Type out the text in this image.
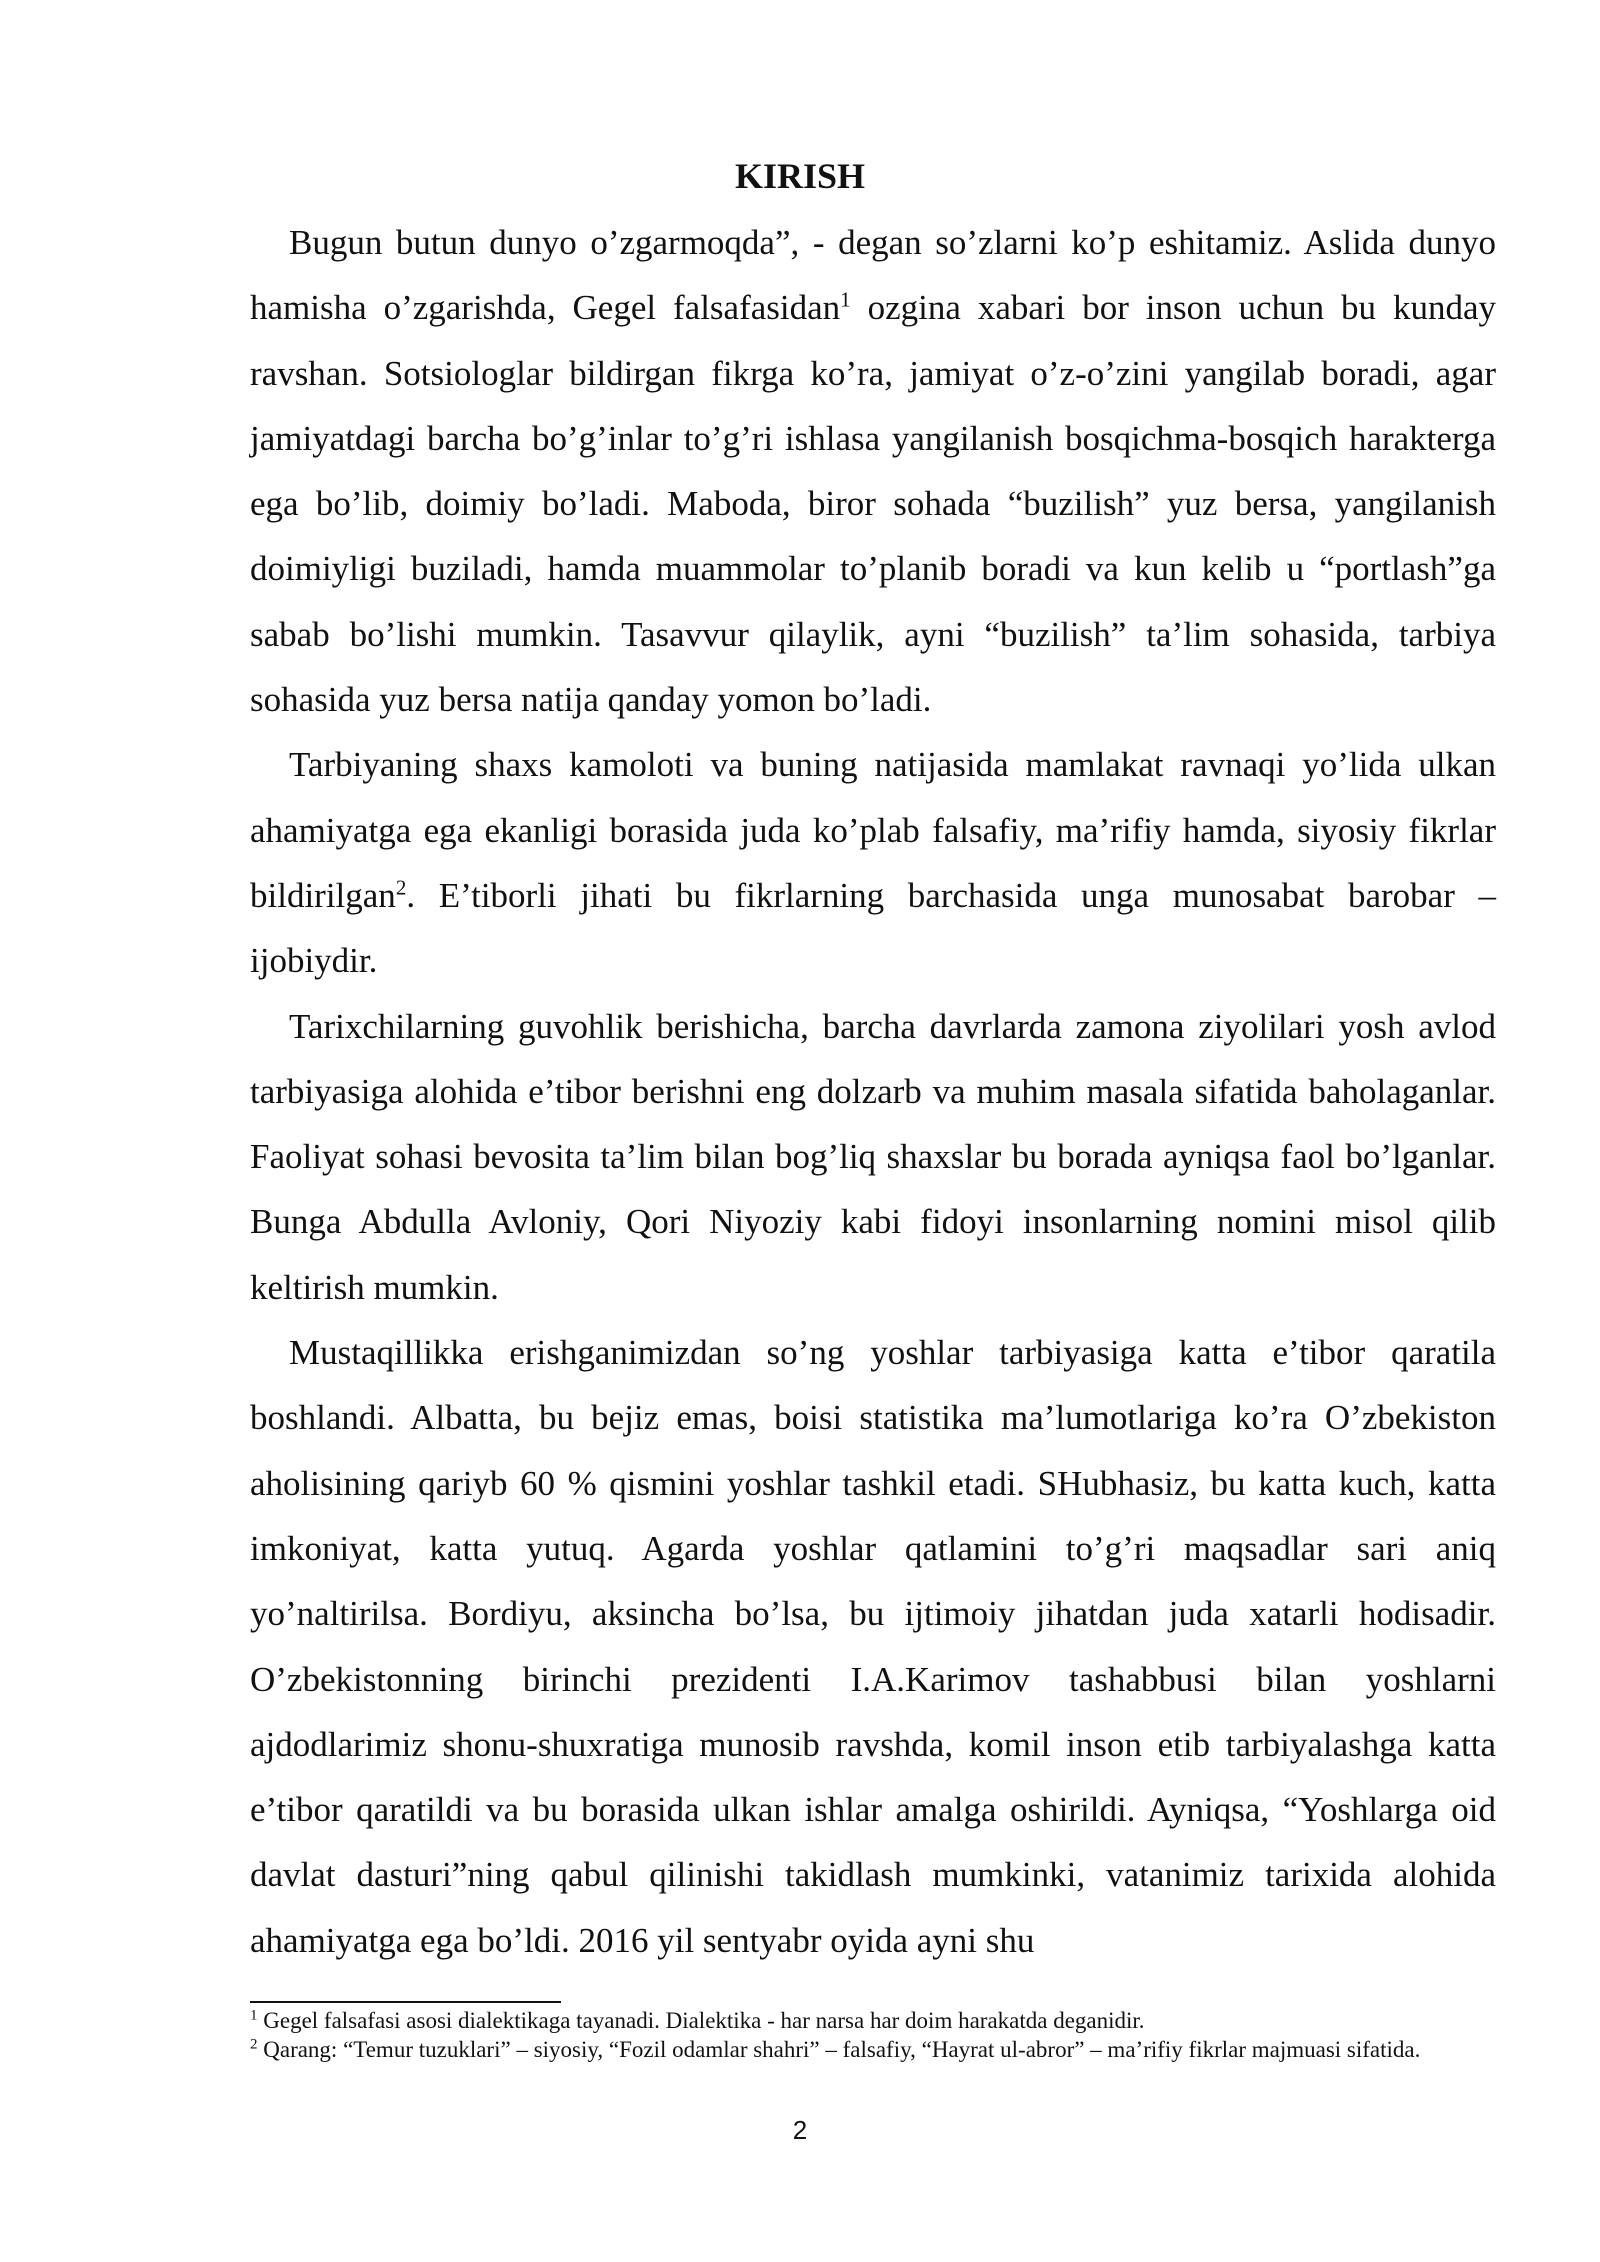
KIRISH

Bugun butun dunyo o’zgarmoqda”, - degan so’zlarni ko’p eshitamiz. Aslida dunyo hamisha o’zgarishda, Gegel falsafasidan$^1$ ozgina xabari bor inson uchun bu kunday ravshan. Sotsiologlar bildirgan fikrga ko’ra, jamiyat o’z-o’zini yangilab boradi, agar jamiyatdagi barcha bo’g’inlar to’g’ri ishlasa yangilanish bosqichma-bosqich harakterga ega bo’lib, doimiy bo’ladi. Maboda, biror sohada “buzilish” yuz bersa, yangilanish doimiyligi buziladi, hamda muammolar to’planib boradi va kun kelib u “portlash”ga sabab bo’lishi mumkin. Tasavvur qilaylik, ayni “buzilish” ta’lim sohasida, tarbiya sohasida yuz bersa natija qanday yomon bo’ladi.

Tarbiyaning shaxs kamoloti va buning natijasida mamlakat ravnaqi yo’lida ulkan ahamiyatga ega ekanligi borasida juda ko’plab falsafiy, ma’rifiy hamda, siyosiy fikrlar bildirilgan$^2$. E’tiborli jihati bu fikrlarning barchasida unga munosabat barobar – ijobiydir.

Tarixchilarning guvohlik berishicha, barcha davrlarda zamona ziyolilari yosh avlod tarbiyasiga alohida e’tibor berishni eng dolzarb va muhim masala sifatida baholaganlar. Faoliyat sohasi bevosita ta’lim bilan bog’liq shaxslar bu borada ayniqsa faol bo’lganlar. Bunga Abdulla Avloniy, Qori Niyoziy kabi fidoyi insonlarning nomini misol qilib keltirish mumkin.

Mustaqillikka erishganimizdan so’ng yoshlar tarbiyasiga katta e’tibor qaratila boshlandi. Albatta, bu bejiz emas, boisi statistika ma’lumotlariga ko’ra O’zbekiston aholisining qariyb 60 % qismini yoshlar tashkil etadi. SHubhasiz, bu katta kuch, katta imkoniyat, katta yutuq. Agarda yoshlar qatlamini to’g’ri maqsadlar sari aniq yo’naltirilsa. Bordiyu, aksincha bo’lsa, bu ijtimoiy jihatdan juda xatarli hodisadir. O’zbekistonning birinchi prezidenti I.A.Karimov tashabbusi bilan yoshlarni ajdodlarimiz shonu-shuxratiga munosib ravshda, komil inson etib tarbiyalashga katta e’tibor qaratildi va bu borasida ulkan ishlar amalga oshirildi. Ayniqsa, “Yoshlarga oid davlat dasturi”ning qabul qilinishi takidlash mumkinki, vatanimiz tarixida alohida ahamiyatga ega bo’ldi. 2016 yil sentyabr oyida ayni shu

$^1$ Gegel falsafasi asosi dialektikaga tayanadi. Dialektika - har narsa har doim harakatda deganidir.

$^2$ Qarang: “Temur tuzuklari” – siyosiy, “Fozil odamlar shahri” – falsafiy, “Hayrat ul-abror” – ma’rifiy fikrlar majmuasi sifatida.

2
